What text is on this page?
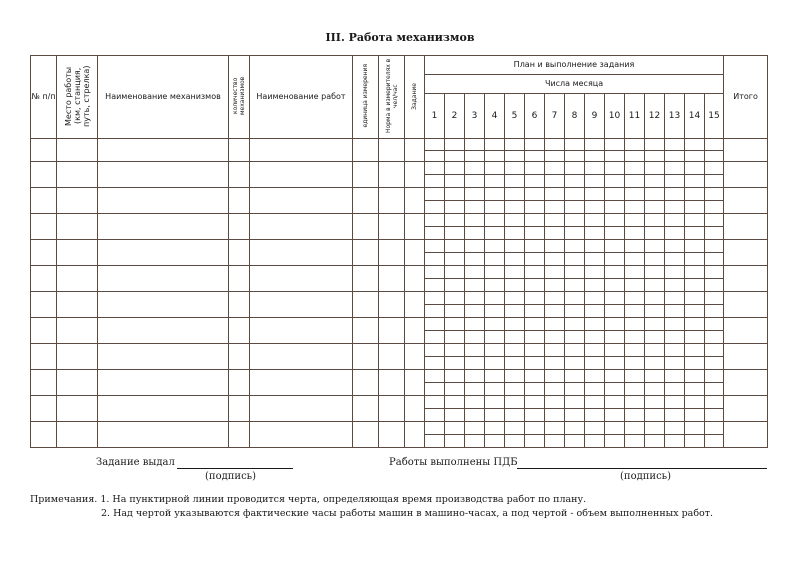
III. Работа механизмов
№ п/п	Место работы (км, станция, путь, стрелка)	Наименование механизмов	количество механизмов	Наименование работ	единица измерения	Норма в измерителях в чел/час	Задание	План и выполнение задания															Итого
								Числа месяца															
								1	2	3	4	5	6	7	8	9	10	11	12	13	14	15	

Задание выдал
(подпись)
Работы выполнены ПДБ
(подпись)
Примечания. 1. На пунктирной линии проводится черта, определяющая время производства работ по плану.
2. Над чертой указываются фактические часы работы машин в машино-часах, а под чертой - объем выполненных работ.
